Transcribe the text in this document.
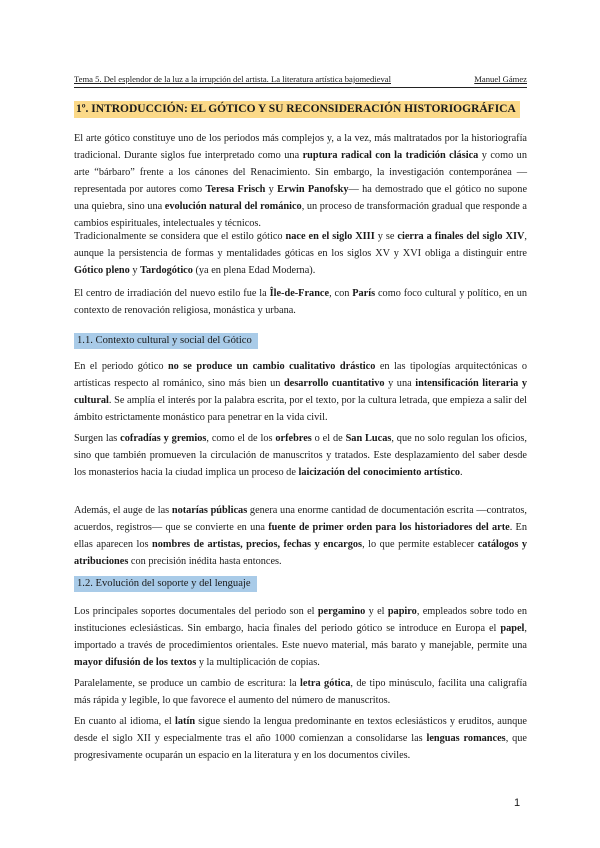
Tema 5. Del esplendor de la luz a la irrupción del artista. La literatura artística bajomedieval	Manuel Gámez
1º. INTRODUCCIÓN: EL GÓTICO Y SU RECONSIDERACIÓN HISTORIOGRÁFICA

El arte gótico constituye uno de los periodos más complejos y, a la vez, más maltratados por la historiografía tradicional. Durante siglos fue interpretado como una ruptura radical con la tradición clásica y como un arte “bárbaro” frente a los cánones del Renacimiento. Sin embargo, la investigación contemporánea —representada por autores como Teresa Frisch y Erwin Panofsky— ha demostrado que el gótico no supone una quiebra, sino una evolución natural del románico, un proceso de transformación gradual que responde a cambios espirituales, intelectuales y técnicos.

Tradicionalmente se considera que el estilo gótico nace en el siglo XIII y se cierra a finales del siglo XIV, aunque la persistencia de formas y mentalidades góticas en los siglos XV y XVI obliga a distinguir entre Gótico pleno y Tardogótico (ya en plena Edad Moderna).

El centro de irradiación del nuevo estilo fue la Île-de-France, con París como foco cultural y político, en un contexto de renovación religiosa, monástica y urbana.

1.1. Contexto cultural y social del Gótico

En el periodo gótico no se produce un cambio cualitativo drástico en las tipologías arquitectónicas o artísticas respecto al románico, sino más bien un desarrollo cuantitativo y una intensificación literaria y cultural. Se amplía el interés por la palabra escrita, por el texto, por la cultura letrada, que empieza a salir del ámbito estrictamente monástico para penetrar en la vida civil.

Surgen las cofradías y gremios, como el de los orfebres o el de San Lucas, que no solo regulan los oficios, sino que también promueven la circulación de manuscritos y tratados. Este desplazamiento del saber desde los monasterios hacia la ciudad implica un proceso de laicización del conocimiento artístico.

Además, el auge de las notarías públicas genera una enorme cantidad de documentación escrita —contratos, acuerdos, registros— que se convierte en una fuente de primer orden para los historiadores del arte. En ellas aparecen los nombres de artistas, precios, fechas y encargos, lo que permite establecer catálogos y atribuciones con precisión inédita hasta entonces.

1.2. Evolución del soporte y del lenguaje

Los principales soportes documentales del periodo son el pergamino y el papiro, empleados sobre todo en instituciones eclesiásticas. Sin embargo, hacia finales del periodo gótico se introduce en Europa el papel, importado a través de procedimientos orientales. Este nuevo material, más barato y manejable, permite una mayor difusión de los textos y la multiplicación de copias.

Paralelamente, se produce un cambio de escritura: la letra gótica, de tipo minúsculo, facilita una caligrafía más rápida y legible, lo que favorece el aumento del número de manuscritos.

En cuanto al idioma, el latín sigue siendo la lengua predominante en textos eclesiásticos y eruditos, aunque desde el siglo XII y especialmente tras el año 1000 comienzan a consolidarse las lenguas romances, que progresivamente ocuparán un espacio en la literatura y en los documentos civiles.

1
